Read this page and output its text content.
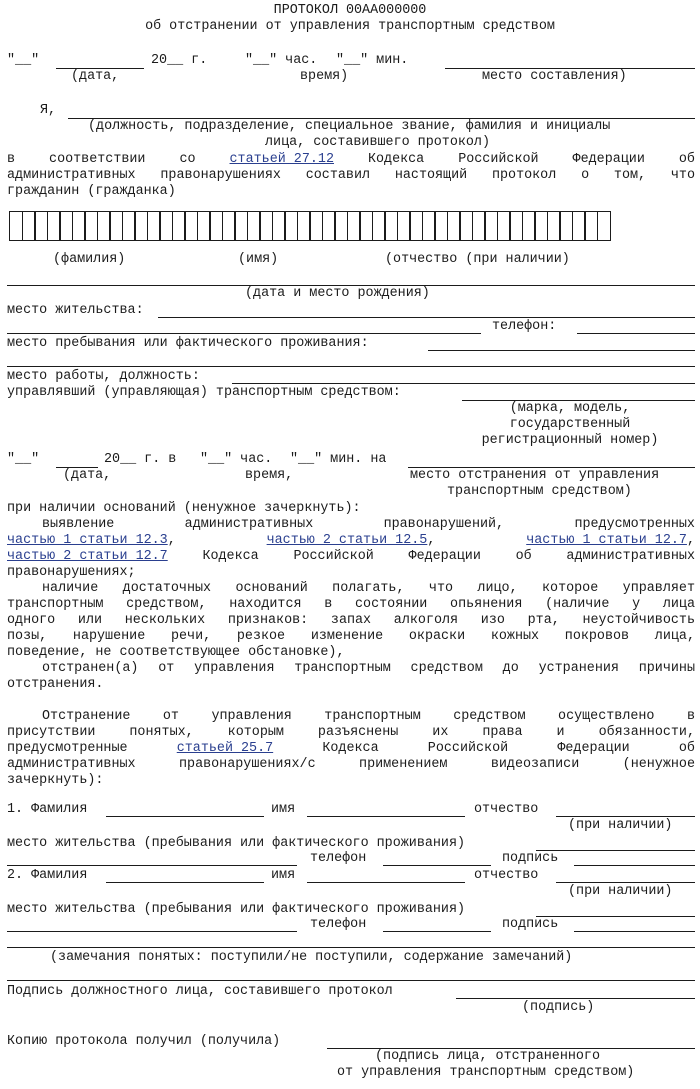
ПРОТОКОЛ 00АА000000
об отстранении от управления транспортным средством
"__"	20__ г.	"__" час. "__" мин.
(дата,	время)	место составления)
Я,
(должность, подразделение, специальное звание, фамилия и инициалы
лица, составившего протокол)
в	соответствии	со	статьей 27.12	Кодекса	Российской	Федерации	об
административных правонарушениях составил настоящий протокол о том, что
гражданин (гражданка)
(фамилия)	(имя)	(отчество (при наличии)
(дата и место рождения)
место жительства:
телефон:
место пребывания или фактического проживания:
место работы, должность:
управлявший (управляющая) транспортным средством:
(марка, модель,
государственный
регистрационный номер)
"__"	20__ г. в "__" час. "__" мин. на
(дата,	время,	место отстранения от управления
транспортным средством)
при наличии оснований (ненужное зачеркнуть):
выявление	административных	правонарушений,	предусмотренных
частью 1 статьи 12.3,	частью 2 статьи 12.5,	частью 1 статьи 12.7,
частью 2 статьи 12.7	Кодекса	Российской	Федерации	об	административных
правонарушениях;
наличие достаточных оснований полагать, что лицо, которое управляет
транспортным средством, находится в состоянии опьянения (наличие у лица
одного или нескольких признаков: запах алкоголя изо рта, неустойчивость
позы, нарушение речи, резкое изменение окраски кожных покровов лица,
поведение, не соответствующее обстановке),
отстранен(а) от управления транспортным средством до устранения причины
отстранения.
Отстранение от управления транспортным средством осуществлено в
присутствии понятых, которым разъяснены их права и обязанности,
предусмотренные	статьей 25.7	Кодекса	Российской	Федерации	об
административных правонарушениях/с применением видеозаписи (ненужное
зачеркнуть):
1. Фамилия	имя	отчество
(при наличии)
место жительства (пребывания или фактического проживания)
телефон	подпись
2. Фамилия	имя	отчество
(при наличии)
место жительства (пребывания или фактического проживания)
телефон	подпись
(замечания понятых: поступили/не поступили, содержание замечаний)
Подпись должностного лица, составившего протокол
(подпись)
Копию протокола получил (получила)
(подпись лица, отстраненного
от управления транспортным средством)
